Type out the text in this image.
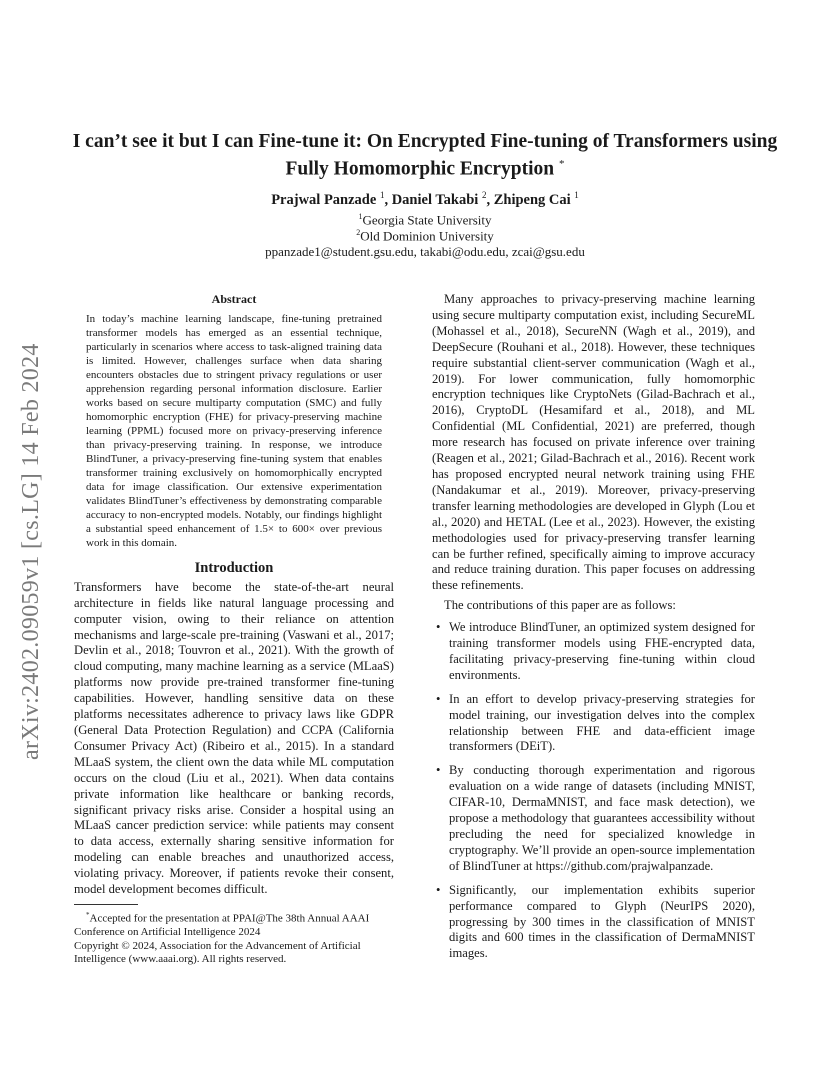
arXiv:2402.09059v1 [cs.LG] 14 Feb 2024
I can’t see it but I can Fine-tune it: On Encrypted Fine-tuning of Transformers using Fully Homomorphic Encryption *
Prajwal Panzade $^1$, Daniel Takabi $^2$, Zhipeng Cai $^1$
$^1$Georgia State University
$^2$Old Dominion University
ppanzade1@student.gsu.edu, takabi@odu.edu, zcai@gsu.edu
Abstract

In today’s machine learning landscape, fine-tuning pretrained transformer models has emerged as an essential technique, particularly in scenarios where access to task-aligned training data is limited. However, challenges surface when data sharing encounters obstacles due to stringent privacy regulations or user apprehension regarding personal information disclosure. Earlier works based on secure multiparty computation (SMC) and fully homomorphic encryption (FHE) for privacy-preserving machine learning (PPML) focused more on privacy-preserving inference than privacy-preserving training. In response, we introduce BlindTuner, a privacy-preserving fine-tuning system that enables transformer training exclusively on homomorphically encrypted data for image classification. Our extensive experimentation validates BlindTuner’s effectiveness by demonstrating comparable accuracy to non-encrypted models. Notably, our findings highlight a substantial speed enhancement of 1.5× to 600× over previous work in this domain.

Introduction

Transformers have become the state-of-the-art neural architecture in fields like natural language processing and computer vision, owing to their reliance on attention mechanisms and large-scale pre-training (Vaswani et al., 2017; Devlin et al., 2018; Touvron et al., 2021). With the growth of cloud computing, many machine learning as a service (MLaaS) platforms now provide pre-trained transformer fine-tuning capabilities. However, handling sensitive data on these platforms necessitates adherence to privacy laws like GDPR (General Data Protection Regulation) and CCPA (California Consumer Privacy Act) (Ribeiro et al., 2015). In a standard MLaaS system, the client own the data while ML computation occurs on the cloud (Liu et al., 2021). When data contains private information like healthcare or banking records, significant privacy risks arise. Consider a hospital using an MLaaS cancer prediction service: while patients may consent to data access, externally sharing sensitive information for modeling can enable breaches and unauthorized access, violating privacy. Moreover, if patients revoke their consent, model development becomes difficult.

*Accepted for the presentation at PPAI@The 38th Annual AAAI Conference on Artificial Intelligence 2024

Copyright © 2024, Association for the Advancement of Artificial Intelligence (www.aaai.org). All rights reserved.

Many approaches to privacy-preserving machine learning using secure multiparty computation exist, including SecureML (Mohassel et al., 2018), SecureNN (Wagh et al., 2019), and DeepSecure (Rouhani et al., 2018). However, these techniques require substantial client-server communication (Wagh et al., 2019). For lower communication, fully homomorphic encryption techniques like CryptoNets (Gilad-Bachrach et al., 2016), CryptoDL (Hesamifard et al., 2018), and ML Confidential (ML Confidential, 2021) are preferred, though more research has focused on private inference over training (Reagen et al., 2021; Gilad-Bachrach et al., 2016). Recent work has proposed encrypted neural network training using FHE (Nandakumar et al., 2019). Moreover, privacy-preserving transfer learning methodologies are developed in Glyph (Lou et al., 2020) and HETAL (Lee et al., 2023). However, the existing methodologies used for privacy-preserving transfer learning can be further refined, specifically aiming to improve accuracy and reduce training duration. This paper focuses on addressing these refinements.

The contributions of this paper are as follows:

• We introduce BlindTuner, an optimized system designed for training transformer models using FHE-encrypted data, facilitating privacy-preserving fine-tuning within cloud environments.
• In an effort to develop privacy-preserving strategies for model training, our investigation delves into the complex relationship between FHE and data-efficient image transformers (DEiT).
• By conducting thorough experimentation and rigorous evaluation on a wide range of datasets (including MNIST, CIFAR-10, DermaMNIST, and face mask detection), we propose a methodology that guarantees accessibility without precluding the need for specialized knowledge in cryptography. We’ll provide an open-source implementation of BlindTuner at https://github.com/prajwalpanzade.
• Significantly, our implementation exhibits superior performance compared to Glyph (NeurIPS 2020), progressing by 300 times in the classification of MNIST digits and 600 times in the classification of DermaMNIST images.
